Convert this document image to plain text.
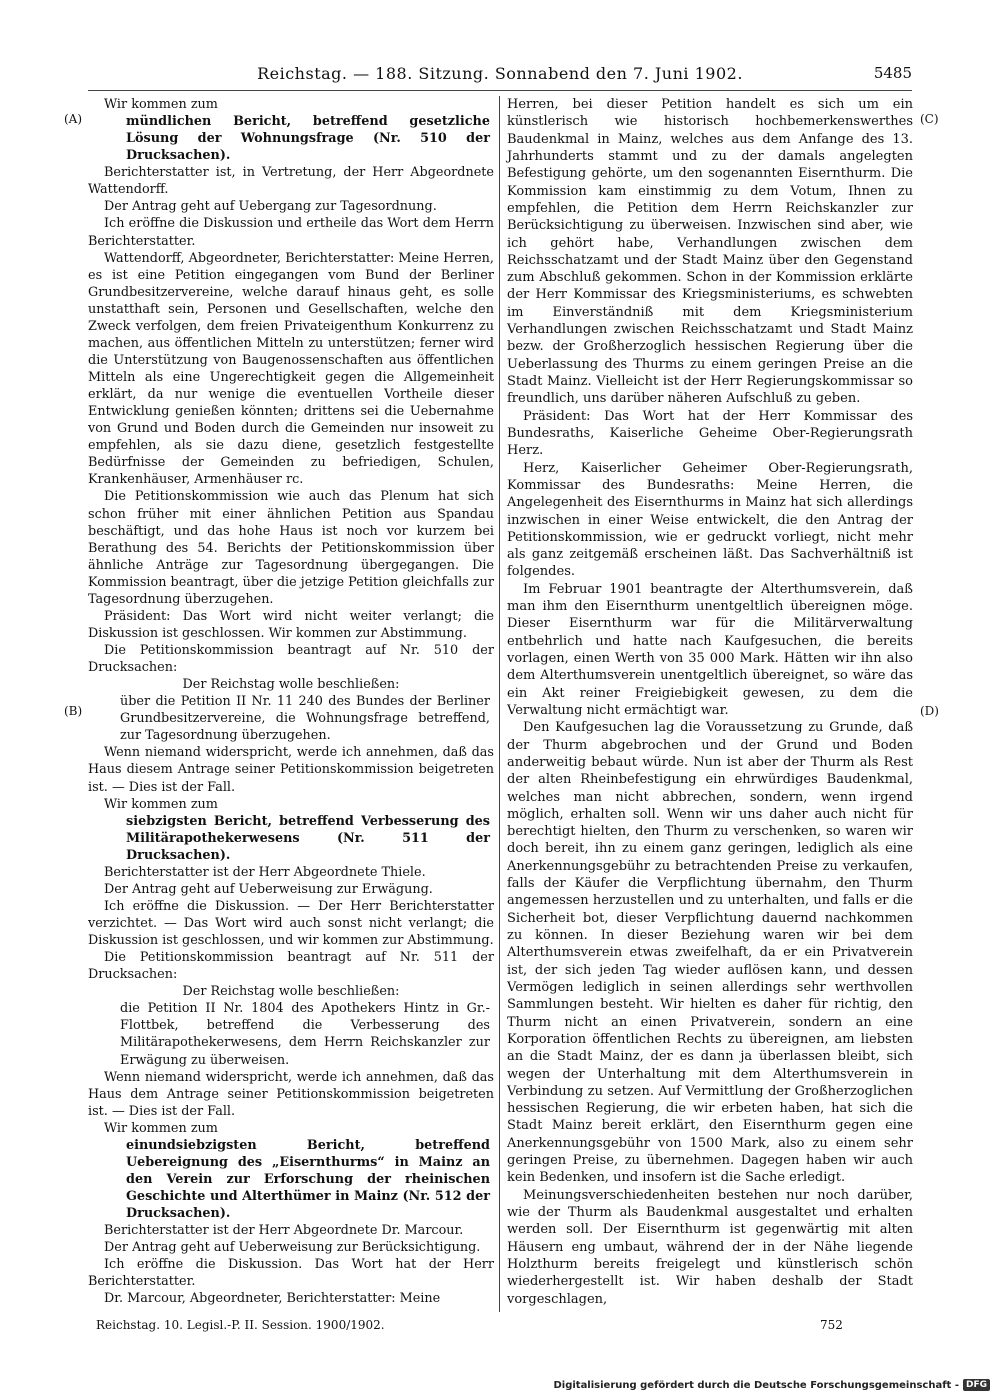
Reichstag. — 188. Sitzung. Sonnabend den 7. Juni 1902.	5485
(A)
(B)
(C)
(D)

Wir kommen zum

mündlichen Bericht, betreffend gesetzliche Lösung der Wohnungsfrage (Nr. 510 der Drucksachen).

Berichterstatter ist, in Vertretung, der Herr Abgeordnete Wattendorff.

Der Antrag geht auf Uebergang zur Tagesordnung.

Ich eröffne die Diskussion und ertheile das Wort dem Herrn Berichterstatter.

Wattendorff, Abgeordneter, Berichterstatter: Meine Herren, es ist eine Petition eingegangen vom Bund der Berliner Grundbesitzervereine, welche darauf hinaus geht, es solle unstatthaft sein, Personen und Gesellschaften, welche den Zweck verfolgen, dem freien Privateigenthum Konkurrenz zu machen, aus öffentlichen Mitteln zu unterstützen; ferner wird die Unterstützung von Baugenossenschaften aus öffentlichen Mitteln als eine Ungerechtigkeit gegen die Allgemeinheit erklärt, da nur wenige die eventuellen Vortheile dieser Entwicklung genießen könnten; drittens sei die Uebernahme von Grund und Boden durch die Gemeinden nur insoweit zu empfehlen, als sie dazu diene, gesetzlich festgestellte Bedürfnisse der Gemeinden zu befriedigen, Schulen, Krankenhäuser, Armenhäuser rc.

Die Petitionskommission wie auch das Plenum hat sich schon früher mit einer ähnlichen Petition aus Spandau beschäftigt, und das hohe Haus ist noch vor kurzem bei Berathung des 54. Berichts der Petitionskommission über ähnliche Anträge zur Tagesordnung übergegangen. Die Kommission beantragt, über die jetzige Petition gleichfalls zur Tagesordnung überzugehen.

Präsident: Das Wort wird nicht weiter verlangt; die Diskussion ist geschlossen. Wir kommen zur Abstimmung.

Die Petitionskommission beantragt auf Nr. 510 der Drucksachen:

Der Reichstag wolle beschließen:

über die Petition II Nr. 11 240 des Bundes der Berliner Grundbesitzervereine, die Wohnungsfrage betreffend, zur Tagesordnung überzugehen.

Wenn niemand widerspricht, werde ich annehmen, daß das Haus diesem Antrage seiner Petitionskommission beigetreten ist. — Dies ist der Fall.

Wir kommen zum

siebzigsten Bericht, betreffend Verbesserung des Militärapothekerwesens (Nr. 511 der Drucksachen).

Berichterstatter ist der Herr Abgeordnete Thiele.

Der Antrag geht auf Ueberweisung zur Erwägung.

Ich eröffne die Diskussion. — Der Herr Berichterstatter verzichtet. — Das Wort wird auch sonst nicht verlangt; die Diskussion ist geschlossen, und wir kommen zur Abstimmung.

Die Petitionskommission beantragt auf Nr. 511 der Drucksachen:

Der Reichstag wolle beschließen:

die Petition II Nr. 1804 des Apothekers Hintz in Gr.-Flottbek, betreffend die Verbesserung des Militärapothekerwesens, dem Herrn Reichskanzler zur Erwägung zu überweisen.

Wenn niemand widerspricht, werde ich annehmen, daß das Haus dem Antrage seiner Petitionskommission beigetreten ist. — Dies ist der Fall.

Wir kommen zum

einundsiebzigsten Bericht, betreffend Uebereignung des „Eisernthurms“ in Mainz an den Verein zur Erforschung der rheinischen Geschichte und Alterthümer in Mainz (Nr. 512 der Drucksachen).

Berichterstatter ist der Herr Abgeordnete Dr. Marcour.

Der Antrag geht auf Ueberweisung zur Berücksichtigung.

Ich eröffne die Diskussion. Das Wort hat der Herr Berichterstatter.

Dr. Marcour, Abgeordneter, Berichterstatter: Meine

Herren, bei dieser Petition handelt es sich um ein künstlerisch wie historisch hochbemerkenswerthes Baudenkmal in Mainz, welches aus dem Anfange des 13. Jahrhunderts stammt und zu der damals angelegten Befestigung gehörte, um den sogenannten Eisernthurm. Die Kommission kam einstimmig zu dem Votum, Ihnen zu empfehlen, die Petition dem Herrn Reichskanzler zur Berücksichtigung zu überweisen. Inzwischen sind aber, wie ich gehört habe, Verhandlungen zwischen dem Reichsschatzamt und der Stadt Mainz über den Gegenstand zum Abschluß gekommen. Schon in der Kommission erklärte der Herr Kommissar des Kriegsministeriums, es schwebten im Einverständniß mit dem Kriegsministerium Verhandlungen zwischen Reichsschatzamt und Stadt Mainz bezw. der Großherzoglich hessischen Regierung über die Ueberlassung des Thurms zu einem geringen Preise an die Stadt Mainz. Vielleicht ist der Herr Regierungskommissar so freundlich, uns darüber näheren Aufschluß zu geben.

Präsident: Das Wort hat der Herr Kommissar des Bundesraths, Kaiserliche Geheime Ober-Regierungsrath Herz.

Herz, Kaiserlicher Geheimer Ober-Regierungsrath, Kommissar des Bundesraths: Meine Herren, die Angelegenheit des Eisernthurms in Mainz hat sich allerdings inzwischen in einer Weise entwickelt, die den Antrag der Petitionskommission, wie er gedruckt vorliegt, nicht mehr als ganz zeitgemäß erscheinen läßt. Das Sachverhältniß ist folgendes.

Im Februar 1901 beantragte der Alterthumsverein, daß man ihm den Eisernthurm unentgeltlich übereignen möge. Dieser Eisernthurm war für die Militärverwaltung entbehrlich und hatte nach Kaufgesuchen, die bereits vorlagen, einen Werth von 35 000 Mark. Hätten wir ihn also dem Alterthumsverein unentgeltlich übereignet, so wäre das ein Akt reiner Freigiebigkeit gewesen, zu dem die Verwaltung nicht ermächtigt war.

Den Kaufgesuchen lag die Voraussetzung zu Grunde, daß der Thurm abgebrochen und der Grund und Boden anderweitig bebaut würde. Nun ist aber der Thurm als Rest der alten Rheinbefestigung ein ehrwürdiges Baudenkmal, welches man nicht abbrechen, sondern, wenn irgend möglich, erhalten soll. Wenn wir uns daher auch nicht für berechtigt hielten, den Thurm zu verschenken, so waren wir doch bereit, ihn zu einem ganz geringen, lediglich als eine Anerkennungsgebühr zu betrachtenden Preise zu verkaufen, falls der Käufer die Verpflichtung übernahm, den Thurm angemessen herzustellen und zu unterhalten, und falls er die Sicherheit bot, dieser Verpflichtung dauernd nachkommen zu können. In dieser Beziehung waren wir bei dem Alterthumsverein etwas zweifelhaft, da er ein Privatverein ist, der sich jeden Tag wieder auflösen kann, und dessen Vermögen lediglich in seinen allerdings sehr werthvollen Sammlungen besteht. Wir hielten es daher für richtig, den Thurm nicht an einen Privatverein, sondern an eine Korporation öffentlichen Rechts zu übereignen, am liebsten an die Stadt Mainz, der es dann ja überlassen bleibt, sich wegen der Unterhaltung mit dem Alterthumsverein in Verbindung zu setzen. Auf Vermittlung der Großherzoglichen hessischen Regierung, die wir erbeten haben, hat sich die Stadt Mainz bereit erklärt, den Eisernthurm gegen eine Anerkennungsgebühr von 1500 Mark, also zu einem sehr geringen Preise, zu übernehmen. Dagegen haben wir auch kein Bedenken, und insofern ist die Sache erledigt.

Meinungsverschiedenheiten bestehen nur noch darüber, wie der Thurm als Baudenkmal ausgestaltet und erhalten werden soll. Der Eisernthurm ist gegenwärtig mit alten Häusern eng umbaut, während der in der Nähe liegende Holzthurm bereits freigelegt und künstlerisch schön wiederhergestellt ist. Wir haben deshalb der Stadt vorgeschlagen,

Reichstag. 10. Legisl.-P. II. Session. 1900/1902.	752
Digitalisierung gefördert durch die Deutsche Forschungsgemeinschaft - DFG
